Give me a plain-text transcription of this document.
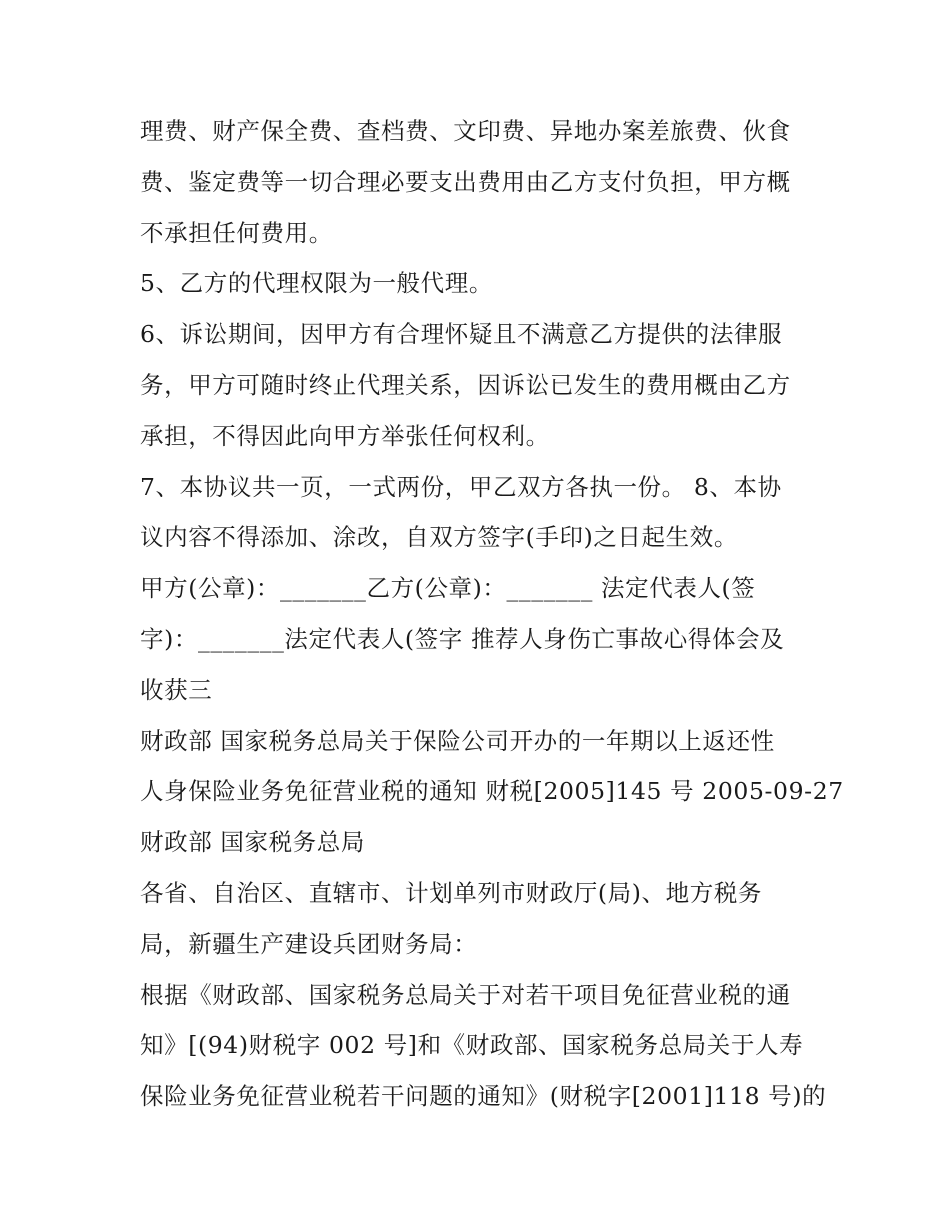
理费、财产保全费、查档费、文印费、异地办案差旅费、伙食
费、鉴定费等一切合理必要支出费用由乙方支付负担，甲方概
不承担任何费用。
5、乙方的代理权限为一般代理。
6、诉讼期间，因甲方有合理怀疑且不满意乙方提供的法律服
务，甲方可随时终止代理关系，因诉讼已发生的费用概由乙方
承担，不得因此向甲方举张任何权利。
7、本协议共一页，一式两份，甲乙双方各执一份。 8、本协
议内容不得添加、涂改，自双方签字(手印)之日起生效。
甲方(公章)：_______乙方(公章)：_______ 法定代表人(签
字)：_______法定代表人(签字 推荐人身伤亡事故心得体会及
收获三
财政部 国家税务总局关于保险公司开办的一年期以上返还性
人身保险业务免征营业税的通知 财税[2005]145 号 2005-09-27
财政部 国家税务总局
各省、自治区、直辖市、计划单列市财政厅(局)、地方税务
局，新疆生产建设兵团财务局：
根据《财政部、国家税务总局关于对若干项目免征营业税的通
知》[(94)财税字 002 号]和《财政部、国家税务总局关于人寿
保险业务免征营业税若干问题的通知》(财税字[2001]118 号)的
